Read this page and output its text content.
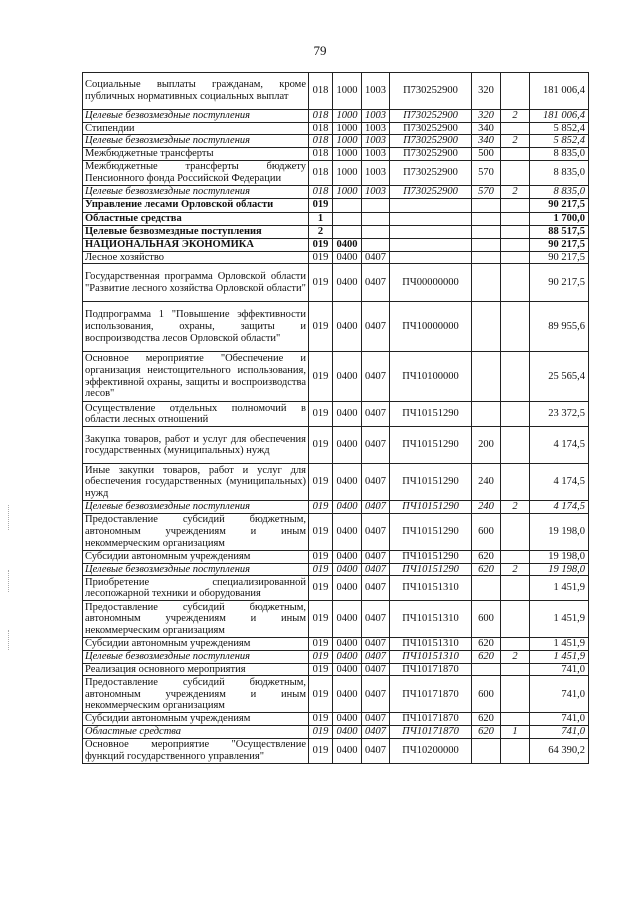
79
Социальные выплаты гражданам, кроме публичных нормативных социальных выплат	018	1000	1003	П730252900	320		181 006,4
Целевые безвозмездные поступления	018	1000	1003	П730252900	320	2	181 006,4
Стипендии	018	1000	1003	П730252900	340		5 852,4
Целевые безвозмездные поступления	018	1000	1003	П730252900	340	2	5 852,4
Межбюджетные трансферты	018	1000	1003	П730252900	500		8 835,0
Межбюджетные трансферты бюджету Пенсионного фонда Российской Федерации	018	1000	1003	П730252900	570		8 835,0
Целевые безвозмездные поступления	018	1000	1003	П730252900	570	2	8 835,0
Управление лесами Орловской области	019						90 217,5
Областные средства	1						1 700,0
Целевые безвозмездные поступления	2						88 517,5
НАЦИОНАЛЬНАЯ ЭКОНОМИКА	019	0400					90 217,5
Лесное хозяйство	019	0400	0407				90 217,5
Государственная программа Орловской области "Развитие лесного хозяйства Орловской области"	019	0400	0407	ПЧ00000000			90 217,5
Подпрограмма 1 "Повышение эффективности использования, охраны, защиты и воспроизводства лесов Орловской области"	019	0400	0407	ПЧ10000000			89 955,6
Основное мероприятие "Обеспечение и организация неистощительного использования, эффективной охраны, защиты и воспроизводства лесов"	019	0400	0407	ПЧ10100000			25 565,4
Осуществление отдельных полномочий в области лесных отношений	019	0400	0407	ПЧ10151290			23 372,5
Закупка товаров, работ и услуг для обеспечения государственных (муниципальных) нужд	019	0400	0407	ПЧ10151290	200		4 174,5
Иные закупки товаров, работ и услуг для обеспечения государственных (муниципальных) нужд	019	0400	0407	ПЧ10151290	240		4 174,5
Целевые безвозмездные поступления	019	0400	0407	ПЧ10151290	240	2	4 174,5
Предоставление субсидий бюджетным, автономным учреждениям и иным некоммерческим организациям	019	0400	0407	ПЧ10151290	600		19 198,0
Субсидии автономным учреждениям	019	0400	0407	ПЧ10151290	620		19 198,0
Целевые безвозмездные поступления	019	0400	0407	ПЧ10151290	620	2	19 198,0
Приобретение специализированной лесопожарной техники и оборудования	019	0400	0407	ПЧ10151310			1 451,9
Предоставление субсидий бюджетным, автономным учреждениям и иным некоммерческим организациям	019	0400	0407	ПЧ10151310	600		1 451,9
Субсидии автономным учреждениям	019	0400	0407	ПЧ10151310	620		1 451,9
Целевые безвозмездные поступления	019	0400	0407	ПЧ10151310	620	2	1 451,9
Реализация основного мероприятия	019	0400	0407	ПЧ10171870			741,0
Предоставление субсидий бюджетным, автономным учреждениям и иным некоммерческим организациям	019	0400	0407	ПЧ10171870	600		741,0
Субсидии автономным учреждениям	019	0400	0407	ПЧ10171870	620		741,0
Областные средства	019	0400	0407	ПЧ10171870	620	1	741,0
Основное мероприятие "Осуществление функций государственного управления"	019	0400	0407	ПЧ10200000			64 390,2
